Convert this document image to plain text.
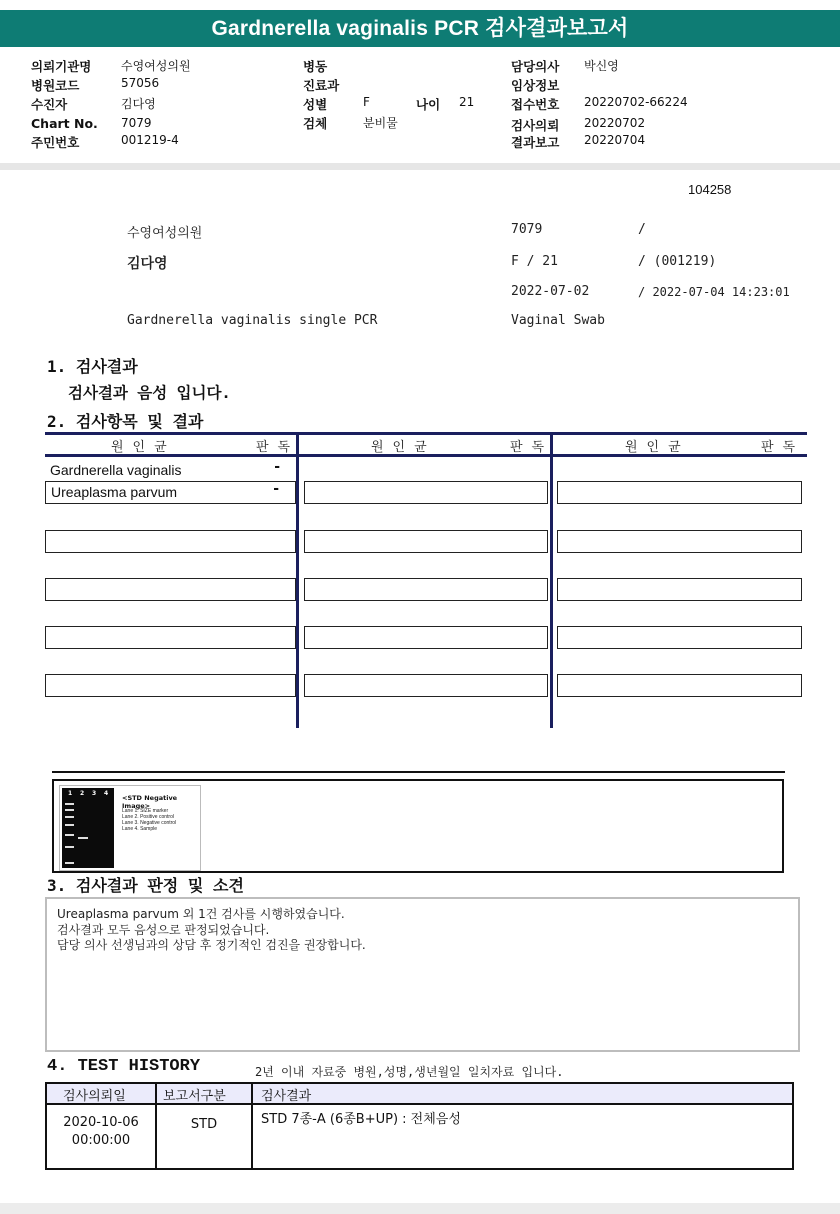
Gardnerella vaginalis PCR 검사결과보고서
의뢰기관명 수영여성의원
병원코드	57056
수진자	김다영
Chart No. 7079
주민번호	001219-4
병동
진료과
성별	F	나이 21
검체	분비물
담당의사 박신영
임상정보
접수번호 20220702-66224
검사의뢰 20220702
결과보고 20220704
104258
수영여성의원	7079	/
김다영	F / 21	/ (001219)
2022-07-02	/ 2022-07-04 14:23:01
Gardnerella vaginalis single PCR	Vaginal Swab
1. 검사결과
검사결과 음성 입니다.
2. 검사항목 및 결과
원인균	판독	원인균	판독	원인균	판독
Gardnerella vaginalis	-
Ureaplasma parvum	-
1 2 3 4
<STD Negative Image>
Lane 1. SIZE marker
Lane 2. Positive control
Lane 3. Negative control
Lane 4. Sample
3. 검사결과 판정 및 소견
Ureaplasma parvum 외 1건 검사를 시행하였습니다.
검사결과 모두 음성으로 판정되었습니다.
담당 의사 선생님과의 상담 후 정기적인 검진을 권장합니다.
4. TEST HISTORY	2년 이내 자료중 병원,성명,생년월일 일치자료 입니다.
검사의뢰일	보고서구분	검사결과
2020-10-06
00:00:00
STD	STD 7종-A (6종B+UP) : 전체음성
